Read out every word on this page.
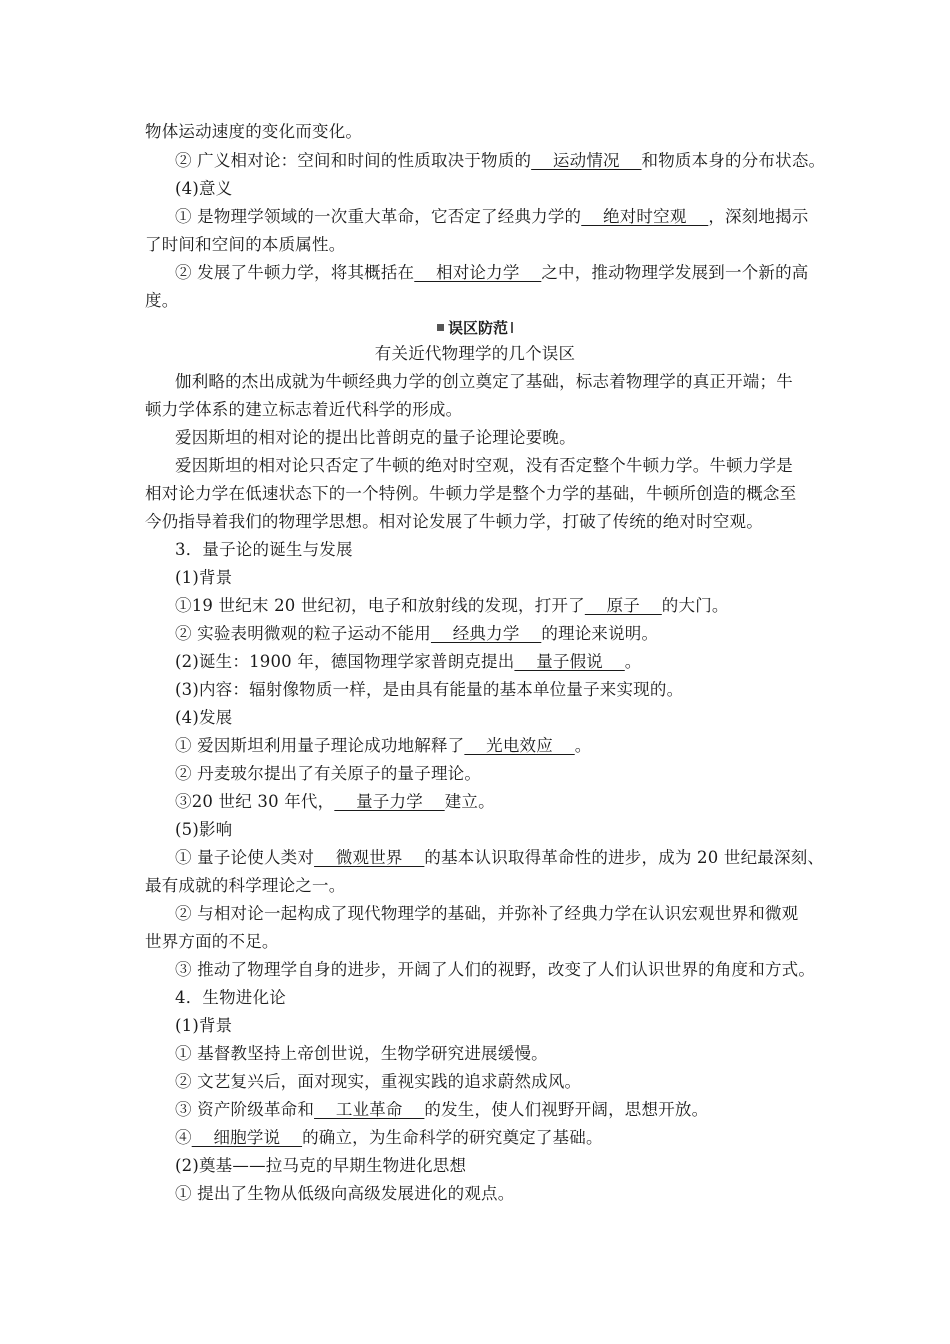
物体运动速度的变化而变化。
② 广义相对论：空间和时间的性质取决于物质的    运动情况    和物质本身的分布状态。
(4)意义
① 是物理学领域的一次重大革命，它否定了经典力学的    绝对时空观    ，深刻地揭示
了时间和空间的本质属性。
② 发展了牛顿力学，将其概括在    相对论力学    之中，推动物理学发展到一个新的高
度。
误区防范
有关近代物理学的几个误区
伽利略的杰出成就为牛顿经典力学的创立奠定了基础，标志着物理学的真正开端；牛
顿力学体系的建立标志着近代科学的形成。
爱因斯坦的相对论的提出比普朗克的量子论理论要晚。
爱因斯坦的相对论只否定了牛顿的绝对时空观，没有否定整个牛顿力学。牛顿力学是
相对论力学在低速状态下的一个特例。牛顿力学是整个力学的基础，牛顿所创造的概念至
今仍指导着我们的物理学思想。相对论发展了牛顿力学，打破了传统的绝对时空观。
3．量子论的诞生与发展
(1)背景
①19 世纪末 20 世纪初，电子和放射线的发现，打开了    原子    的大门。
② 实验表明微观的粒子运动不能用    经典力学    的理论来说明。
(2)诞生：1900 年，德国物理学家普朗克提出    量子假说    。
(3)内容：辐射像物质一样，是由具有能量的基本单位量子来实现的。
(4)发展
① 爱因斯坦利用量子理论成功地解释了    光电效应    。
② 丹麦玻尔提出了有关原子的量子理论。
③20 世纪 30 年代，    量子力学    建立。
(5)影响
① 量子论使人类对    微观世界    的基本认识取得革命性的进步，成为 20 世纪最深刻、
最有成就的科学理论之一。
② 与相对论一起构成了现代物理学的基础，并弥补了经典力学在认识宏观世界和微观
世界方面的不足。
③ 推动了物理学自身的进步，开阔了人们的视野，改变了人们认识世界的角度和方式。
4．生物进化论
(1)背景
① 基督教坚持上帝创世说，生物学研究进展缓慢。
② 文艺复兴后，面对现实，重视实践的追求蔚然成风。
③ 资产阶级革命和    工业革命    的发生，使人们视野开阔，思想开放。
④    细胞学说    的确立，为生命科学的研究奠定了基础。
(2)奠基——拉马克的早期生物进化思想
① 提出了生物从低级向高级发展进化的观点。
